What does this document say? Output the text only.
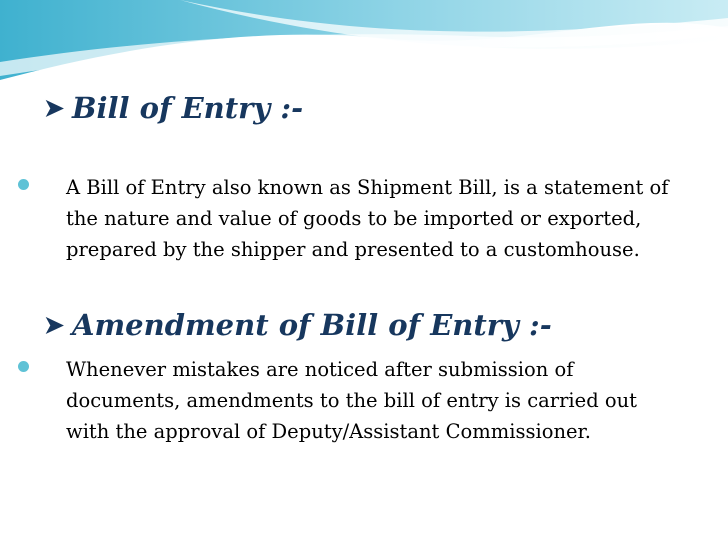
➤ Bill of Entry :-
A Bill of Entry also known as Shipment Bill, is a statement of the nature and value of goods to be imported or exported, prepared by the shipper and presented to a customhouse.
➤ Amendment of Bill of Entry :-
Whenever mistakes are noticed after submission of documents, amendments to the bill of entry is carried out with the approval of Deputy/Assistant Commissioner.
